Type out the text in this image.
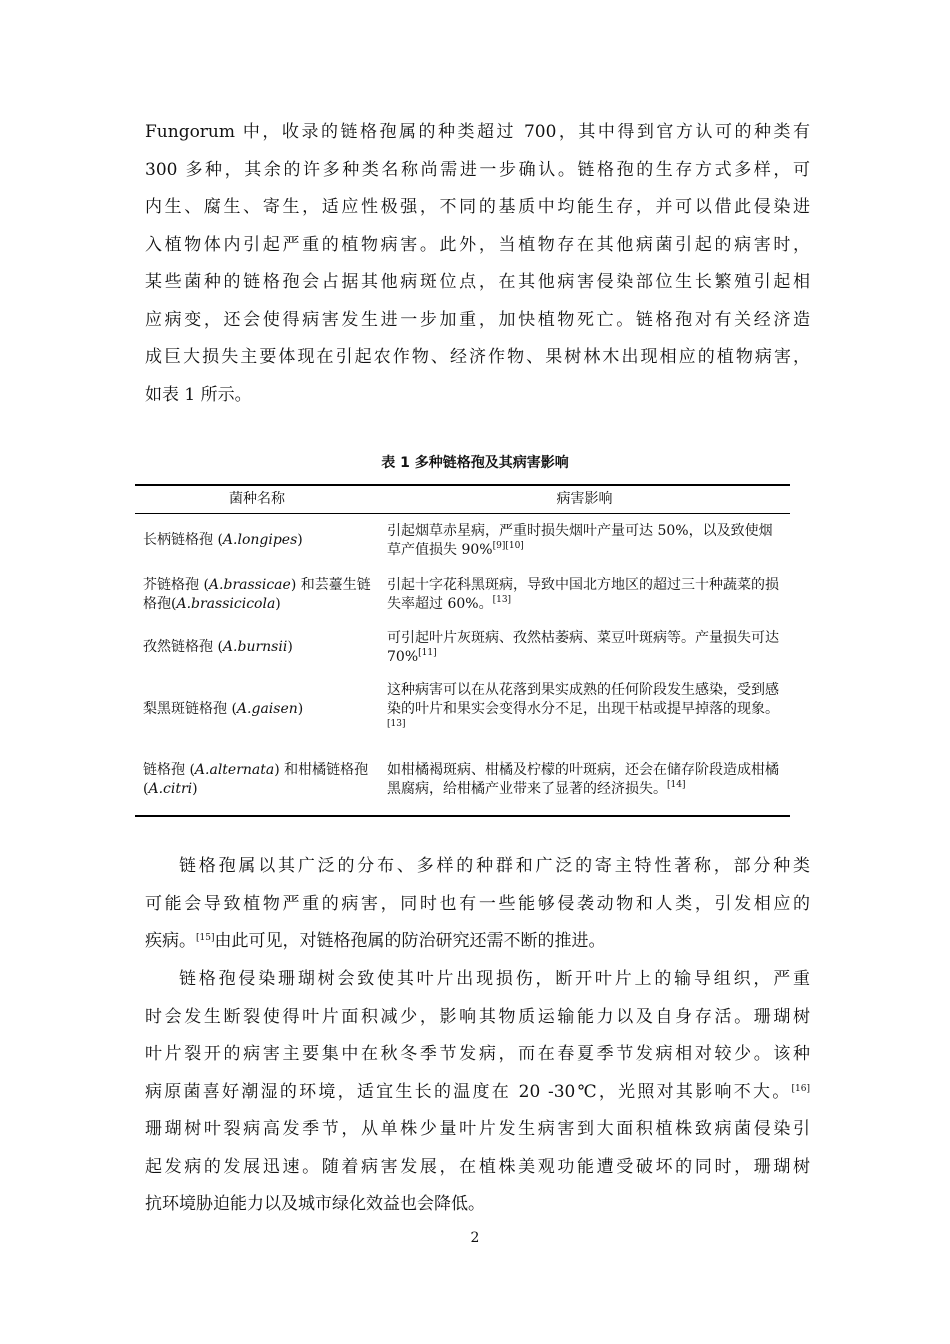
Fungorum 中，收录的链格孢属的种类超过 700，其中得到官方认可的种类有
300 多种，其余的许多种类名称尚需进一步确认。链格孢的生存方式多样，可
内生、腐生、寄生，适应性极强，不同的基质中均能生存，并可以借此侵染进
入植物体内引起严重的植物病害。此外，当植物存在其他病菌引起的病害时，
某些菌种的链格孢会占据其他病斑位点，在其他病害侵染部位生长繁殖引起相
应病变，还会使得病害发生进一步加重，加快植物死亡。链格孢对有关经济造
成巨大损失主要体现在引起农作物、经济作物、果树林木出现相应的植物病害，
如表 1 所示。
表 1 多种链格孢及其病害影响
菌种名称	病害影响
长柄链格孢 (A.longipes)	引起烟草赤星病，严重时损失烟叶产量可达 50%，以及致使烟草产值损失 90%[9][10]
芥链格孢 (A.brassicae) 和芸薹生链格孢(A.brassicicola)	引起十字花科黑斑病，导致中国北方地区的超过三十种蔬菜的损失率超过 60%。[13]
孜然链格孢 (A.burnsii)	可引起叶片灰斑病、孜然枯萎病、菜豆叶斑病等。产量损失可达 70%[11]
梨黑斑链格孢 (A.gaisen)	这种病害可以在从花落到果实成熟的任何阶段发生感染，受到感染的叶片和果实会变得水分不足，出现干枯或提早掉落的现象。[13]
链格孢 (A.alternata) 和柑橘链格孢 (A.citri)	如柑橘褐斑病、柑橘及柠檬的叶斑病，还会在储存阶段造成柑橘黑腐病，给柑橘产业带来了显著的经济损失。[14]
链格孢属以其广泛的分布、多样的种群和广泛的寄主特性著称，部分种类
可能会导致植物严重的病害，同时也有一些能够侵袭动物和人类，引发相应的
疾病。[15]由此可见，对链格孢属的防治研究还需不断的推进。
链格孢侵染珊瑚树会致使其叶片出现损伤，断开叶片上的输导组织，严重
时会发生断裂使得叶片面积减少，影响其物质运输能力以及自身存活。珊瑚树
叶片裂开的病害主要集中在秋冬季节发病，而在春夏季节发病相对较少。该种
病原菌喜好潮湿的环境，适宜生长的温度在 20 -30℃，光照对其影响不大。[16]
珊瑚树叶裂病高发季节，从单株少量叶片发生病害到大面积植株致病菌侵染引
起发病的发展迅速。随着病害发展，在植株美观功能遭受破坏的同时，珊瑚树
抗环境胁迫能力以及城市绿化效益也会降低。
2
